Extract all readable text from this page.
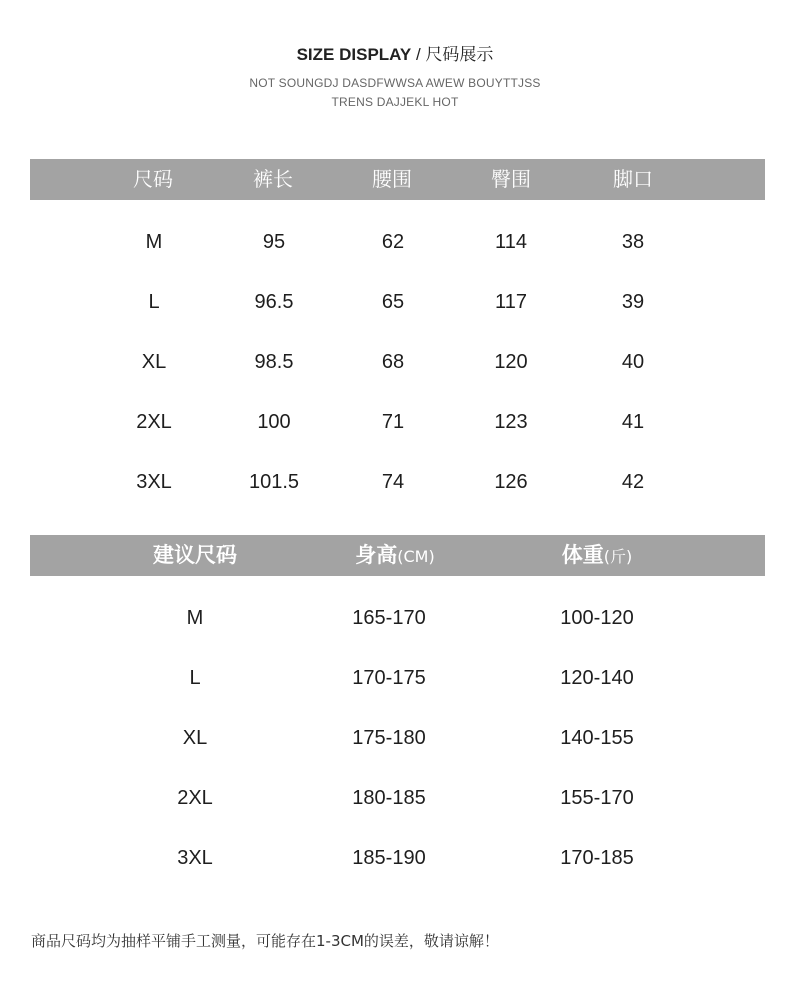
SIZE DISPLAY / 尺码展示
NOT SOUNGDJ DASDFWWSA AWEW BOUYTTJSS
TRENS DAJJEKL HOT
尺码	裤长	腰围	臀围	脚口
M	95	62	114	38
L	96.5	65	117	39
XL	98.5	68	120	40
2XL	100	71	123	41
3XL	101.5	74	126	42
建议尺码	身高(CM)	体重(斤)
M	165-170	100-120
L	170-175	120-140
XL	175-180	140-155
2XL	180-185	155-170
3XL	185-190	170-185
商品尺码均为抽样平铺手工测量，可能存在1-3CM的误差，敬请谅解！
